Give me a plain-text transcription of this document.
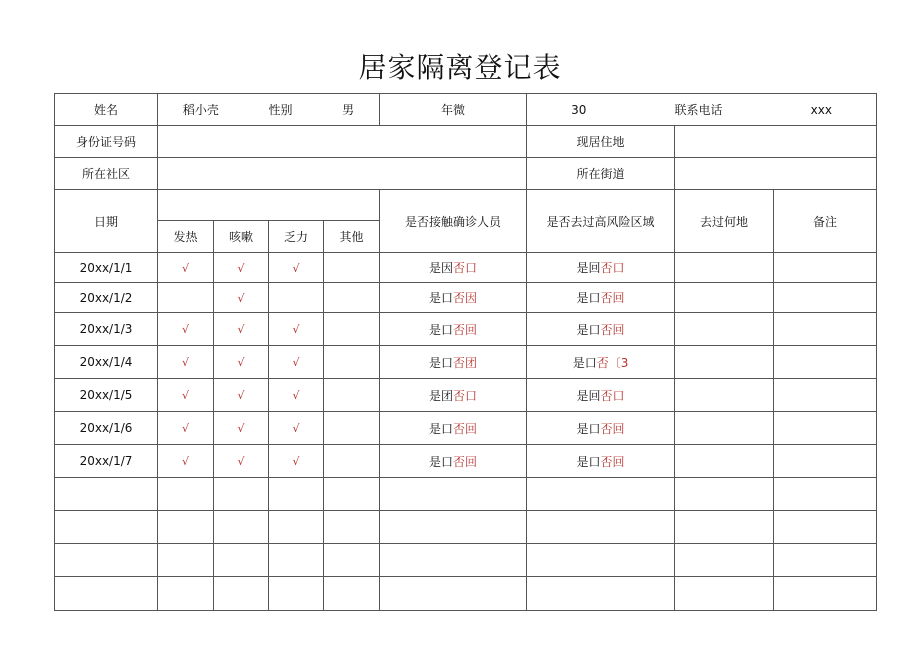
居家隔离登记表
姓名	稻小壳 性别 男				年微	30 联系电话 xxx		

身份证号码						现居住地		
所在社区						所在街道		
日期					是否接触确诊人员	是否去过高风险区域	去过何地	备注
	发热	咳嗽	乏力	其他				
20xx/1/1	√	√	√		是因否口	是回否口		
20xx/1/2		√			是口否因	是口否回		
20xx/1/3	√	√	√		是口否回	是口否回		
20xx/1/4	√	√	√		是口否团	是口否〔3		
20xx/1/5	√	√	√		是团否口	是回否口		
20xx/1/6	√	√	√		是口否回	是口否回		
20xx/1/7	√	√	√		是口否回	是口否回		
